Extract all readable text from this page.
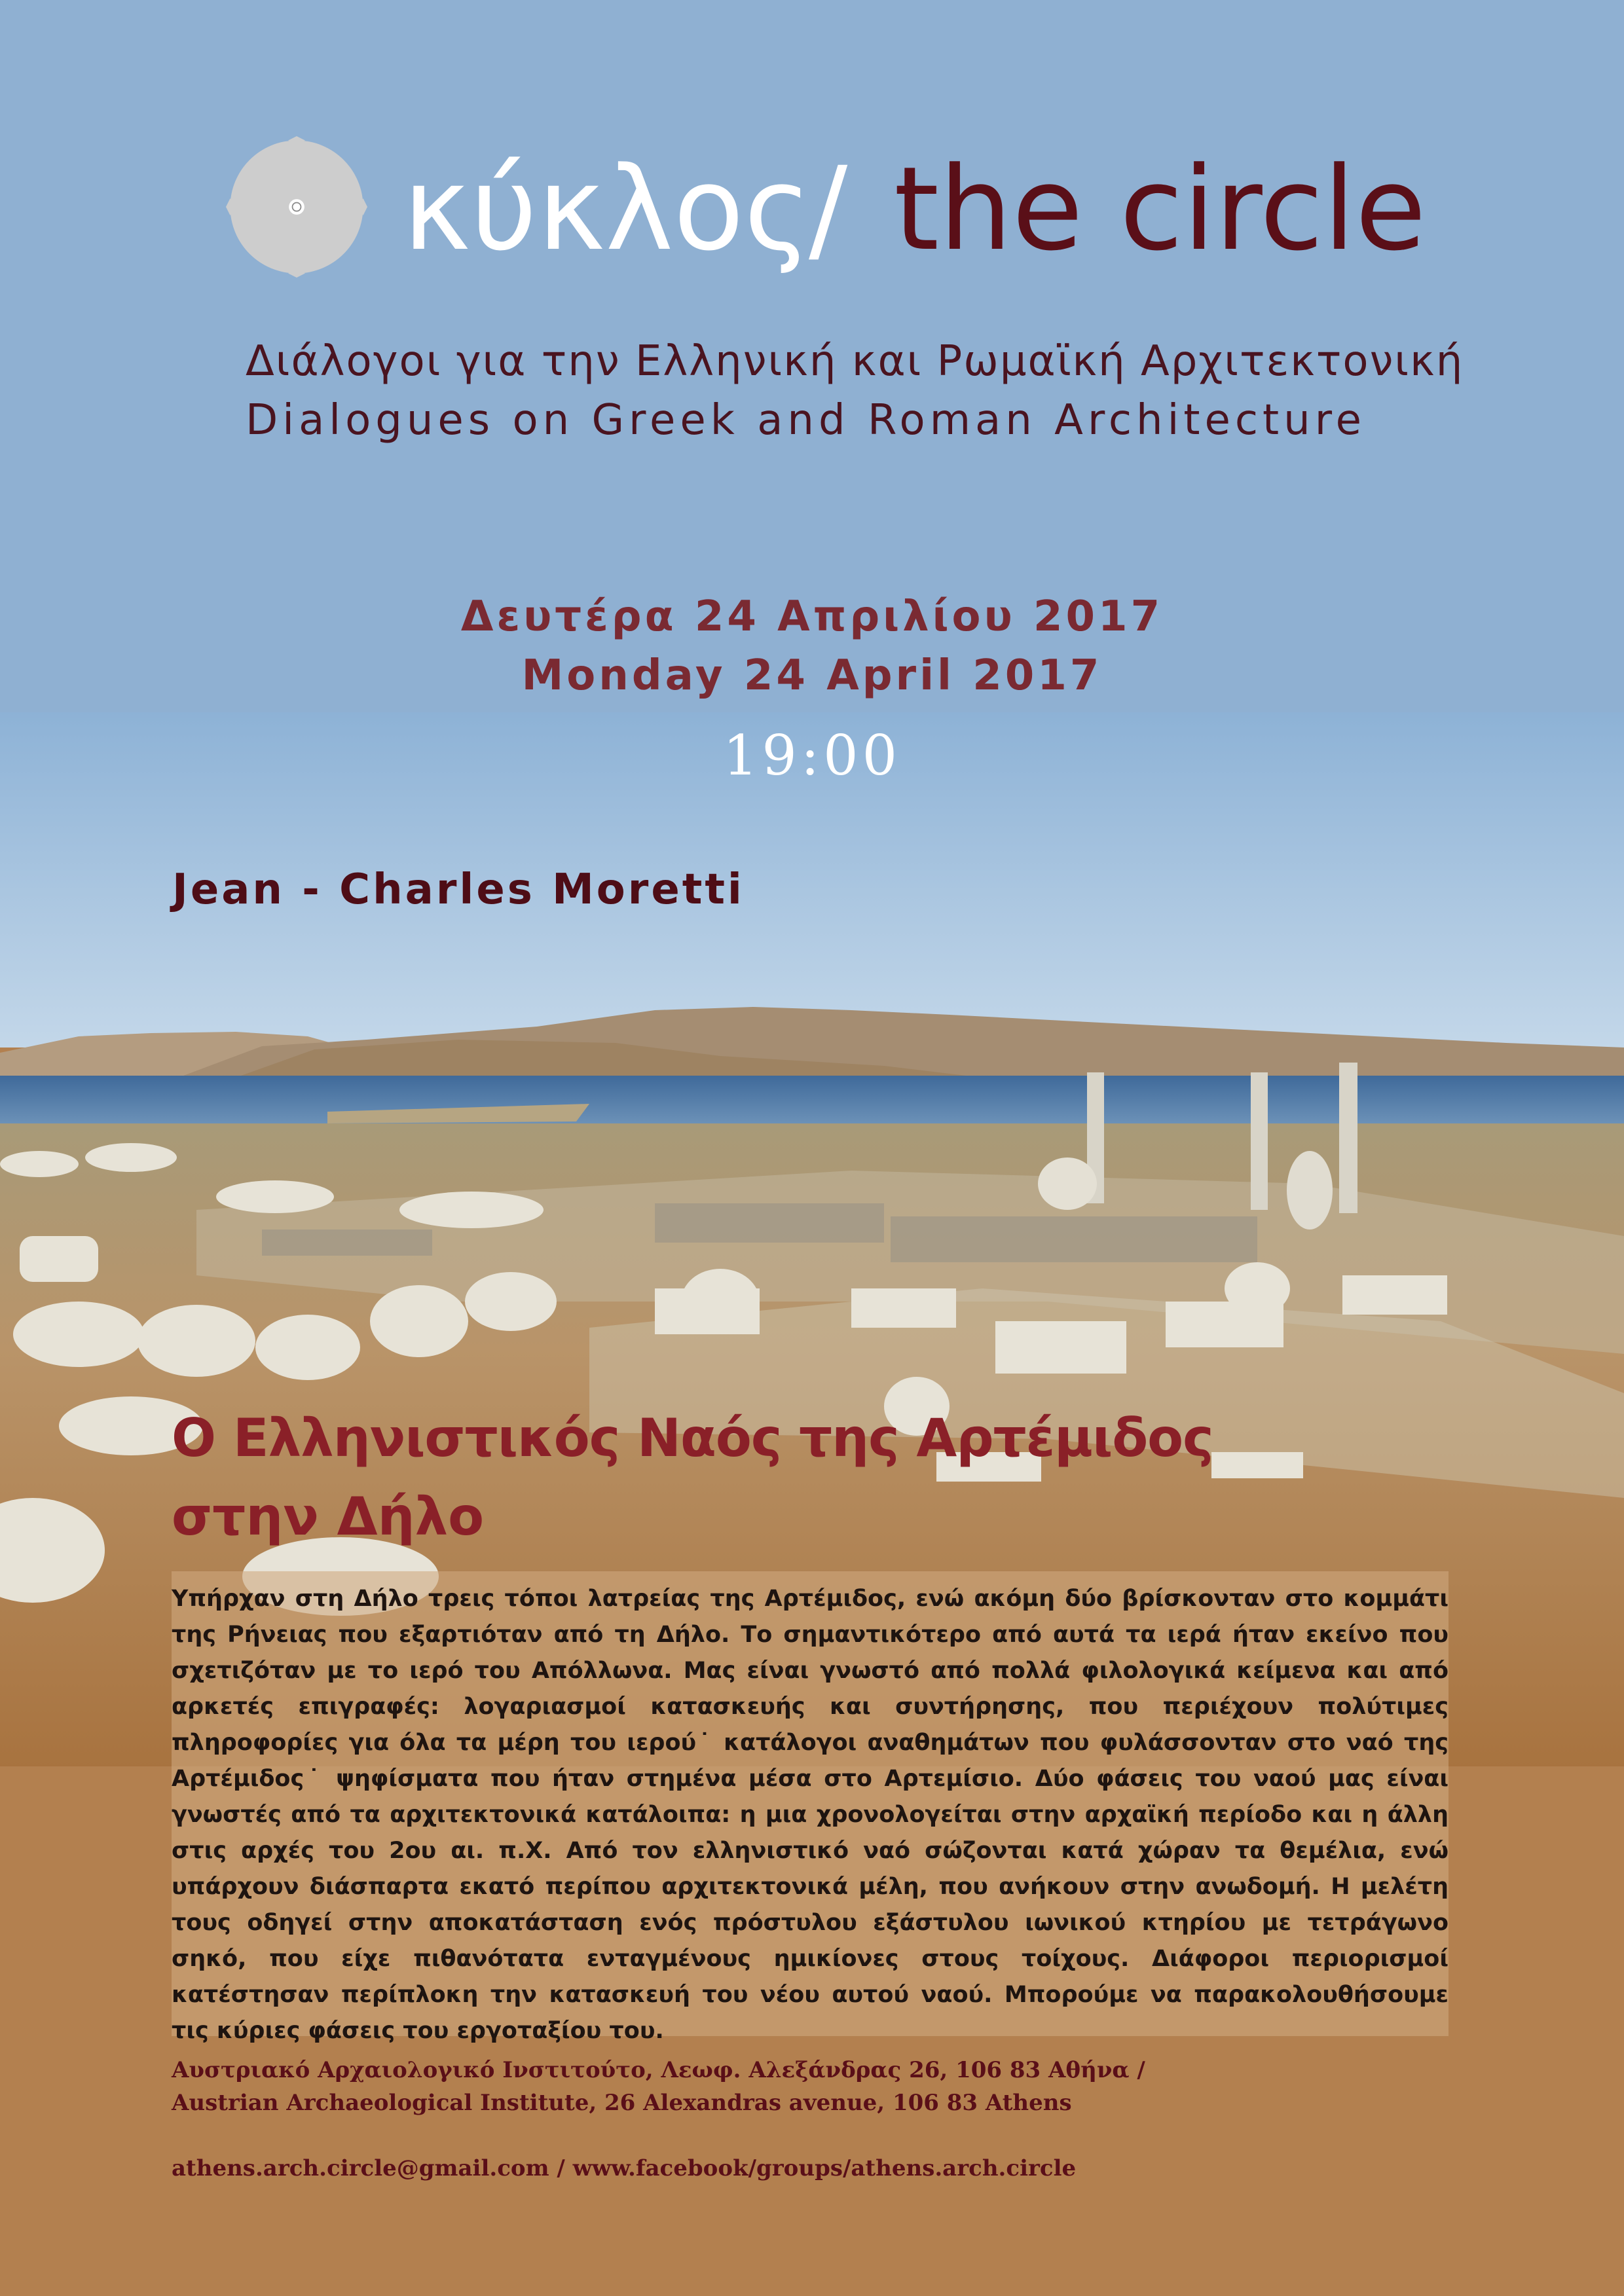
κύκλος
/ the circle
Διάλογοι για την Ελληνική και Ρωμαϊκή Αρχιτεκτονική
Dialogues on Greek and Roman Architecture
Δευτέρα 24 Απριλίου 2017
Monday 24 April 2017
19:00
Jean - Charles Moretti
Ο Ελληνιστικός Ναός της Αρτέμιδος
στην Δήλο

Υπήρχαν στη Δήλο τρεις τόποι λατρείας της Αρτέμιδος, ενώ ακόμη δύο βρίσκονταν στο κομμάτι της Ρήνειας που εξαρτιόταν από τη Δήλο. Το σημαντικότερο από αυτά τα ιερά ήταν εκείνο που σχετιζόταν με το ιερό του Απόλλωνα. Μας είναι γνωστό από πολλά φιλολογικά κείμενα και από αρκετές επιγραφές: λογαριασμοί κατασκευής και συντήρησης, που περιέχουν πολύτιμες πληροφορίες για όλα τα μέρη του ιερού˙ κατάλογοι αναθημάτων που φυλάσσονταν στο ναό της Αρτέμιδος˙ ψηφίσματα που ήταν στημένα μέσα στο Αρτεμίσιο. Δύο φάσεις του ναού μας είναι γνωστές από τα αρχιτεκτονικά κατάλοιπα: η μια χρονολογείται στην αρχαϊκή περίοδο και η άλλη στις αρχές του 2ου αι. π.Χ. Από τον ελληνιστικό ναό σώζονται κατά χώραν τα θεμέλια, ενώ υπάρχουν διάσπαρτα εκατό περίπου αρχιτεκτονικά μέλη, που ανήκουν στην ανωδομή. Η μελέτη τους οδηγεί στην αποκατάσταση ενός πρόστυλου εξάστυλου ιωνικού κτηρίου με τετράγωνο σηκό, που είχε πιθανότατα ενταγμένους ημικίονες στους τοίχους. Διάφοροι περιορισμοί κατέστησαν περίπλοκη την κατασκευή του νέου αυτού ναού. Μπορούμε να παρακολουθήσουμε τις κύριες φάσεις του εργοταξίου του.

Αυστριακό Αρχαιολογικό Ινστιτούτο, Λεωφ. Αλεξάνδρας 26, 106 83 Αθήνα /
Austrian Archaeological Institute, 26 Alexandras avenue, 106 83 Athens
athens.arch.circle@gmail.com / www.facebook/groups/athens.arch.circle
